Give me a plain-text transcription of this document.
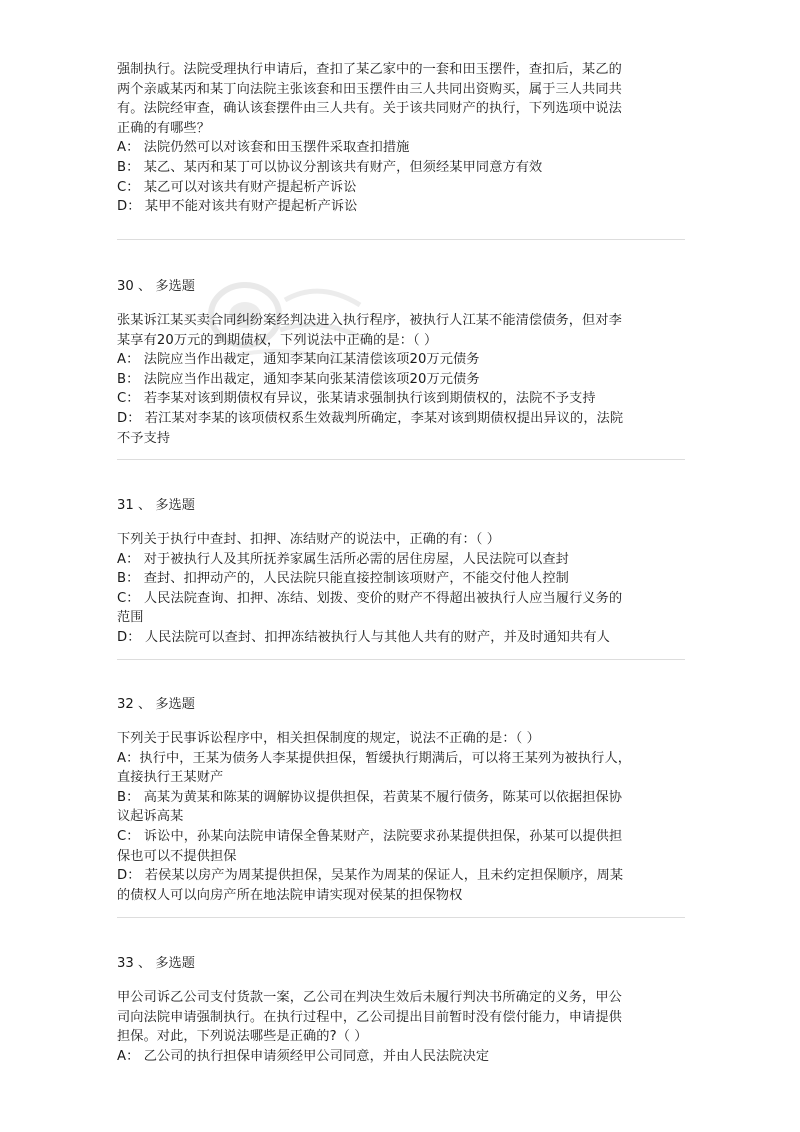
强制执行。法院受理执行申请后，查扣了某乙家中的一套和田玉摆件，查扣后，某乙的
两个亲戚某丙和某丁向法院主张该套和田玉摆件由三人共同出资购买，属于三人共同共
有。法院经审查，确认该套摆件由三人共有。关于该共同财产的执行，下列选项中说法
正确的有哪些？
A： 法院仍然可以对该套和田玉摆件采取查扣措施
B： 某乙、某丙和某丁可以协议分割该共有财产，但须经某甲同意方有效
C： 某乙可以对该共有财产提起析产诉讼
D： 某甲不能对该共有财产提起析产诉讼
30 、 多选题
张某诉江某买卖合同纠纷案经判决进入执行程序，被执行人江某不能清偿债务，但对李
某享有20万元的到期债权，下列说法中正确的是：（ ）
A： 法院应当作出裁定，通知李某向江某清偿该项20万元债务
B： 法院应当作出裁定，通知李某向张某清偿该项20万元债务
C： 若李某对该到期债权有异议，张某请求强制执行该到期债权的，法院不予支持
D： 若江某对李某的该项债权系生效裁判所确定，李某对该到期债权提出异议的，法院
不予支持
31 、 多选题
下列关于执行中查封、扣押、冻结财产的说法中，正确的有：（ ）
A： 对于被执行人及其所抚养家属生活所必需的居住房屋，人民法院可以查封
B： 查封、扣押动产的，人民法院只能直接控制该项财产，不能交付他人控制
C： 人民法院查询、扣押、冻结、划拨、变价的财产不得超出被执行人应当履行义务的
范围
D： 人民法院可以查封、扣押冻结被执行人与其他人共有的财产，并及时通知共有人
32 、 多选题
下列关于民事诉讼程序中，相关担保制度的规定，说法不正确的是：（ ）
A：执行中，王某为债务人李某提供担保，暂缓执行期满后，可以将王某列为被执行人，
直接执行王某财产
B： 高某为黄某和陈某的调解协议提供担保，若黄某不履行债务，陈某可以依据担保协
议起诉高某
C： 诉讼中，孙某向法院申请保全鲁某财产，法院要求孙某提供担保，孙某可以提供担
保也可以不提供担保
D： 若侯某以房产为周某提供担保，吴某作为周某的保证人，且未约定担保顺序，周某
的债权人可以向房产所在地法院申请实现对侯某的担保物权
33 、 多选题
甲公司诉乙公司支付货款一案，乙公司在判决生效后未履行判决书所确定的义务，甲公
司向法院申请强制执行。在执行过程中，乙公司提出目前暂时没有偿付能力，申请提供
担保。对此，下列说法哪些是正确的?（ ）
A： 乙公司的执行担保申请须经甲公司同意，并由人民法院决定
